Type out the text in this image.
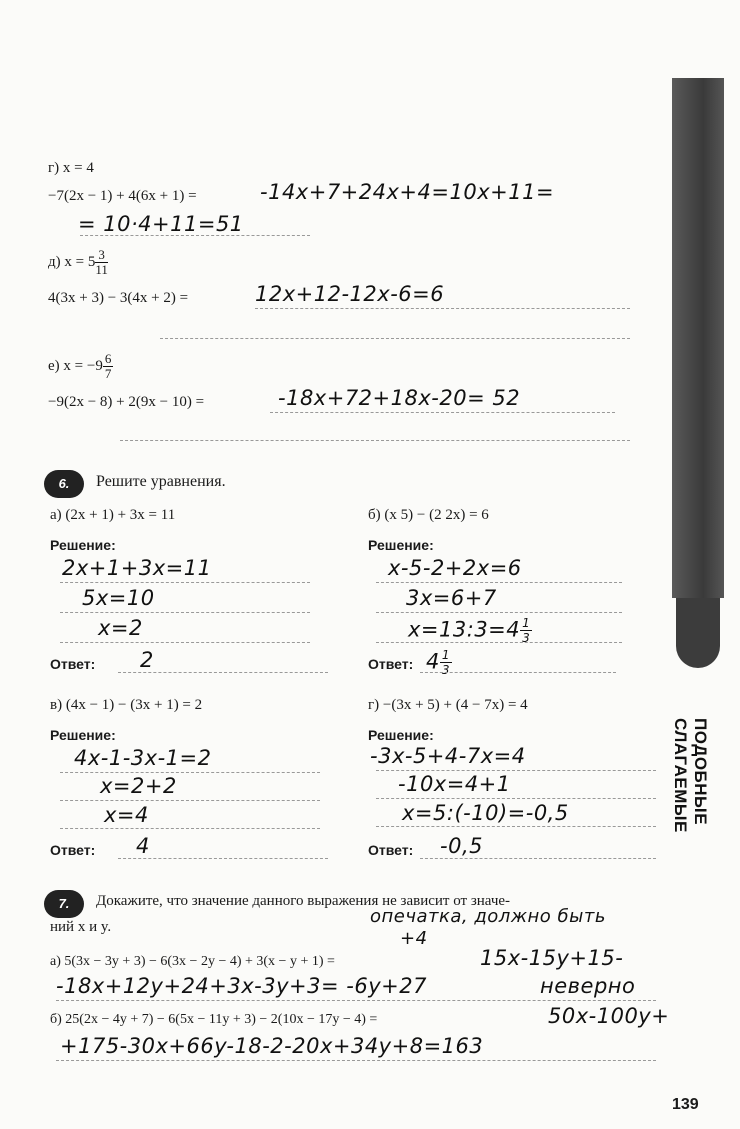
ПОДОБНЫЕ СЛАГАЕМЫЕ
г) x = 4
−7(2x − 1) + 4(6x + 1) =	-14x+7+24x+4=10x+11=
= 10·4+11=51
д) $x = 5 \frac{3}{11}$
4(3x + 3) − 3(4x + 2) =	12x+12-12x-6=6
е) $x = -9 \frac{6}{7}$
−9(2x − 8) + 2(9x − 10) =	-18x+72+18x-20= 52
6.	Решите уравнения.
а) (2x + 1) + 3x = 11
Решение:
2x+1+3x=11
5x=10
x=2
Ответ: 2
б) (x 5) − (2 2x) = 6
Решение:
x-5-2+2x=6
3x=6+7
x=13:3=4 $\frac{1}{3}$
Ответ: $4 \frac{1}{3}$
в) (4x − 1) − (3x + 1) = 2
Решение:
4x-1-3x-1=2
x=2+2
x=4
Ответ: 4
г) −(3x + 5) + (4 − 7x) = 4
Решение:
-3x-5+4-7x=4
-10x=4+1
x=5:(-10)=-0,5
Ответ: -0,5
7.	Докажите, что значение данного выражения не зависит от значе-
ний x и y.	опечатка, должно быть
+4
а) 5(3x − 3y + 3) − 6(3x − 2y − 4) + 3(x − y + 1) =	15x-15y+15-
-18x+12y+24+3x-3y+3= -6y+27	неверно
б) 25(2x − 4y + 7) − 6(5x − 11y + 3) − 2(10x − 17y − 4) =	50x-100y+
+175-30x+66y-18-2-20x+34y+8=163
139
